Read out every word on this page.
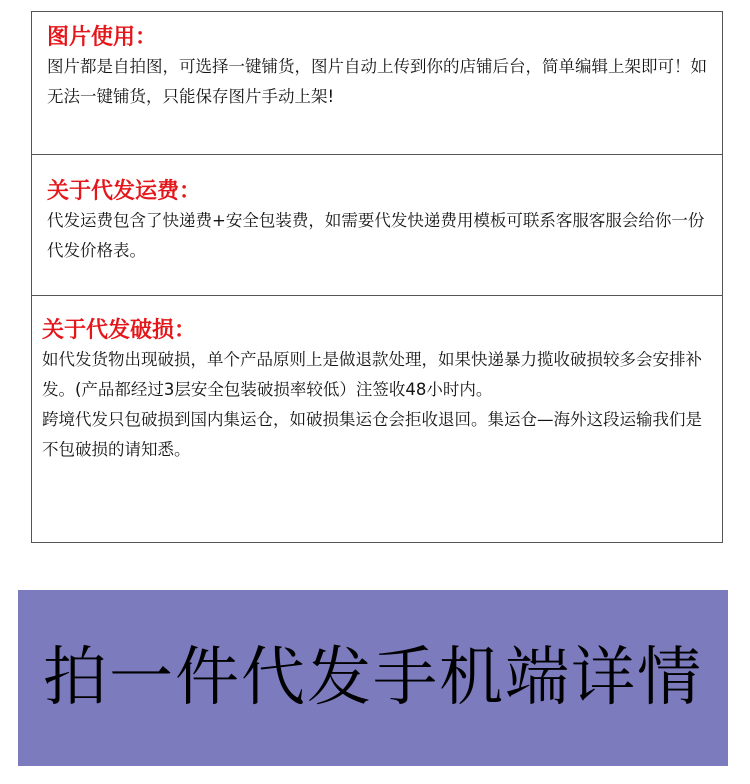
图片使用：

图片都是自拍图，可选择一键铺货，图片自动上传到你的店铺后台，简单编辑上架即可！如无法一键铺货，只能保存图片手动上架!

关于代发运费：

代发运费包含了快递费+安全包装费，如需要代发快递费用模板可联系客服客服会给你一份代发价格表。

关于代发破损：

如代发货物出现破损，单个产品原则上是做退款处理，如果快递暴力揽收破损较多会安排补发。(产品都经过3层安全包装破损率较低）注签收48小时内。

跨境代发只包破损到国内集运仓，如破损集运仓会拒收退回。集运仓—海外这段运输我们是不包破损的请知悉。

拍一件代发手机端详情
